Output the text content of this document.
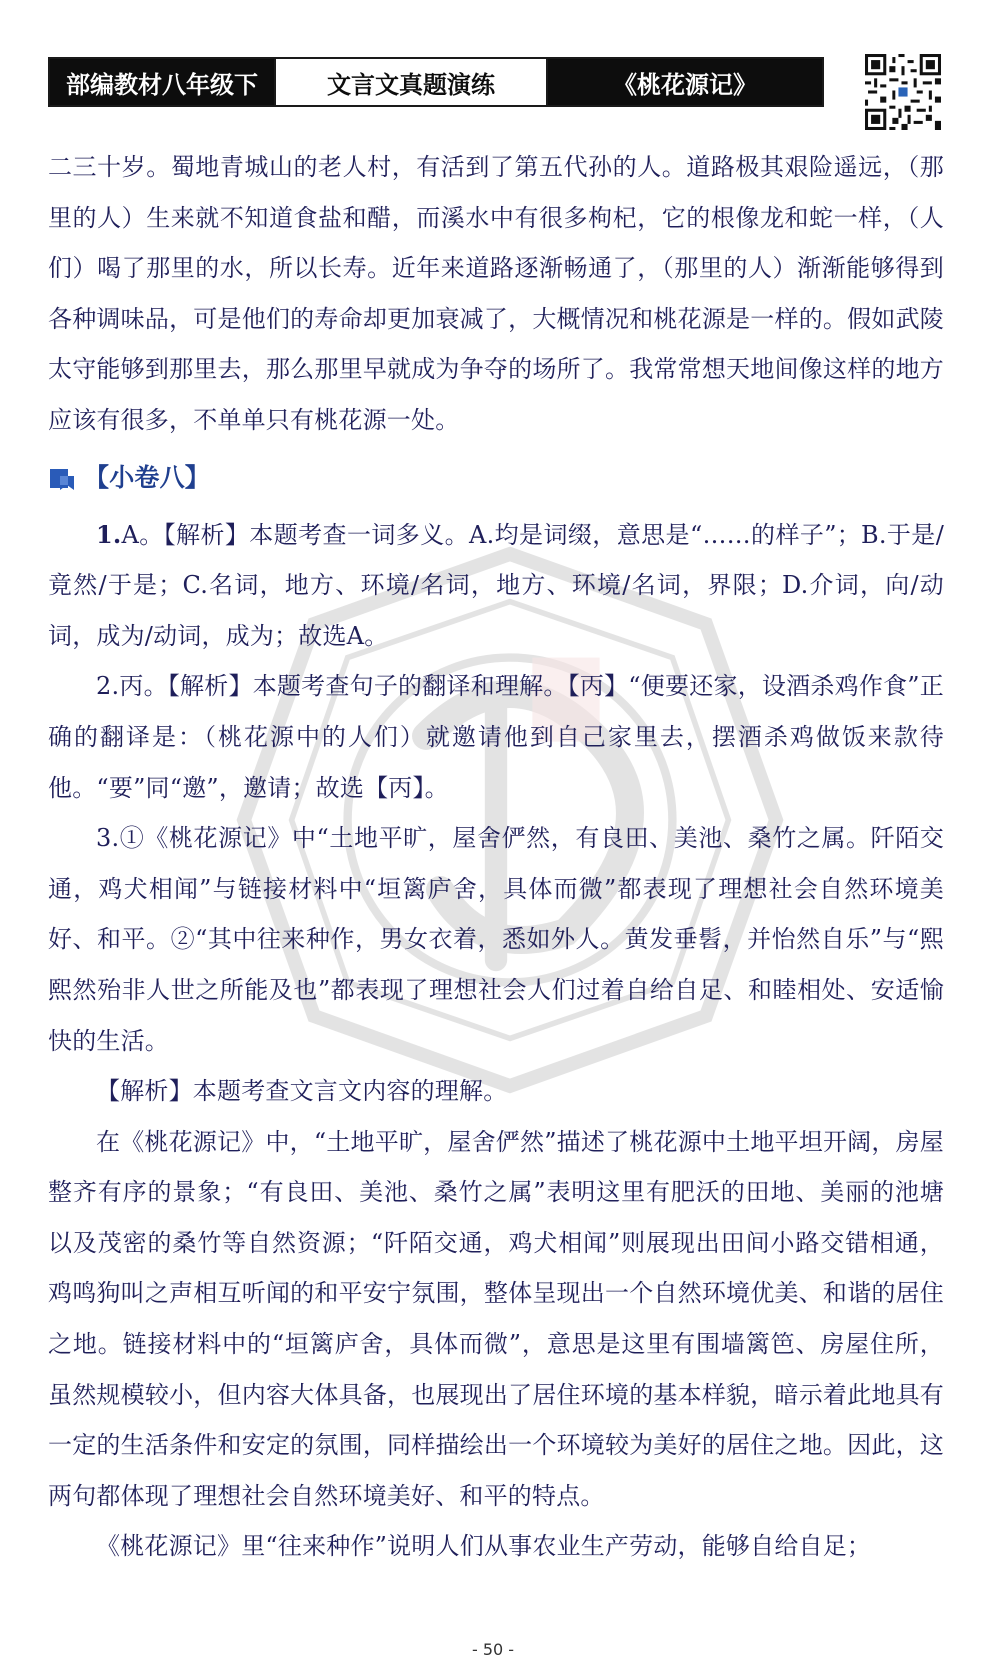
部编教材八年级下	文言文真题演练	《桃花源记》

二三十岁。蜀地青城山的老人村，有活到了第五代孙的人。道路极其艰险遥远，（那里的人）生来就不知道食盐和醋，而溪水中有很多枸杞，它的根像龙和蛇一样，（人们）喝了那里的水，所以长寿。近年来道路逐渐畅通了，（那里的人）渐渐能够得到各种调味品，可是他们的寿命却更加衰减了，大概情况和桃花源是一样的。假如武陵太守能够到那里去，那么那里早就成为争夺的场所了。我常常想天地间像这样的地方应该有很多，不单单只有桃花源一处。

【小卷八】

1.A。【解析】本题考查一词多义。A.均是词缀，意思是“……的样子”；B.于是/竟然/于是；C.名词，地方、环境/名词，地方、环境/名词，界限；D.介词，向/动词，成为/动词，成为；故选A。

2.丙。【解析】本题考查句子的翻译和理解。【丙】“便要还家，设酒杀鸡作食”正确的翻译是：（桃花源中的人们）就邀请他到自己家里去，摆酒杀鸡做饭来款待他。“要”同“邀”，邀请；故选【丙】。

3.①《桃花源记》中“土地平旷，屋舍俨然，有良田、美池、桑竹之属。阡陌交通，鸡犬相闻”与链接材料中“垣篱庐舍，具体而微”都表现了理想社会自然环境美好、和平。②“其中往来种作，男女衣着，悉如外人。黄发垂髫，并怡然自乐”与“熙熙然殆非人世之所能及也”都表现了理想社会人们过着自给自足、和睦相处、安适愉快的生活。

【解析】本题考查文言文内容的理解。

在《桃花源记》中，“土地平旷，屋舍俨然”描述了桃花源中土地平坦开阔，房屋整齐有序的景象；“有良田、美池、桑竹之属”表明这里有肥沃的田地、美丽的池塘以及茂密的桑竹等自然资源；“阡陌交通，鸡犬相闻”则展现出田间小路交错相通，鸡鸣狗叫之声相互听闻的和平安宁氛围，整体呈现出一个自然环境优美、和谐的居住之地。链接材料中的“垣篱庐舍，具体而微”，意思是这里有围墙篱笆、房屋住所，虽然规模较小，但内容大体具备，也展现出了居住环境的基本样貌，暗示着此地具有一定的生活条件和安定的氛围，同样描绘出一个环境较为美好的居住之地。因此，这两句都体现了理想社会自然环境美好、和平的特点。

《桃花源记》里“往来种作”说明人们从事农业生产劳动，能够自给自足；

- 50 -
